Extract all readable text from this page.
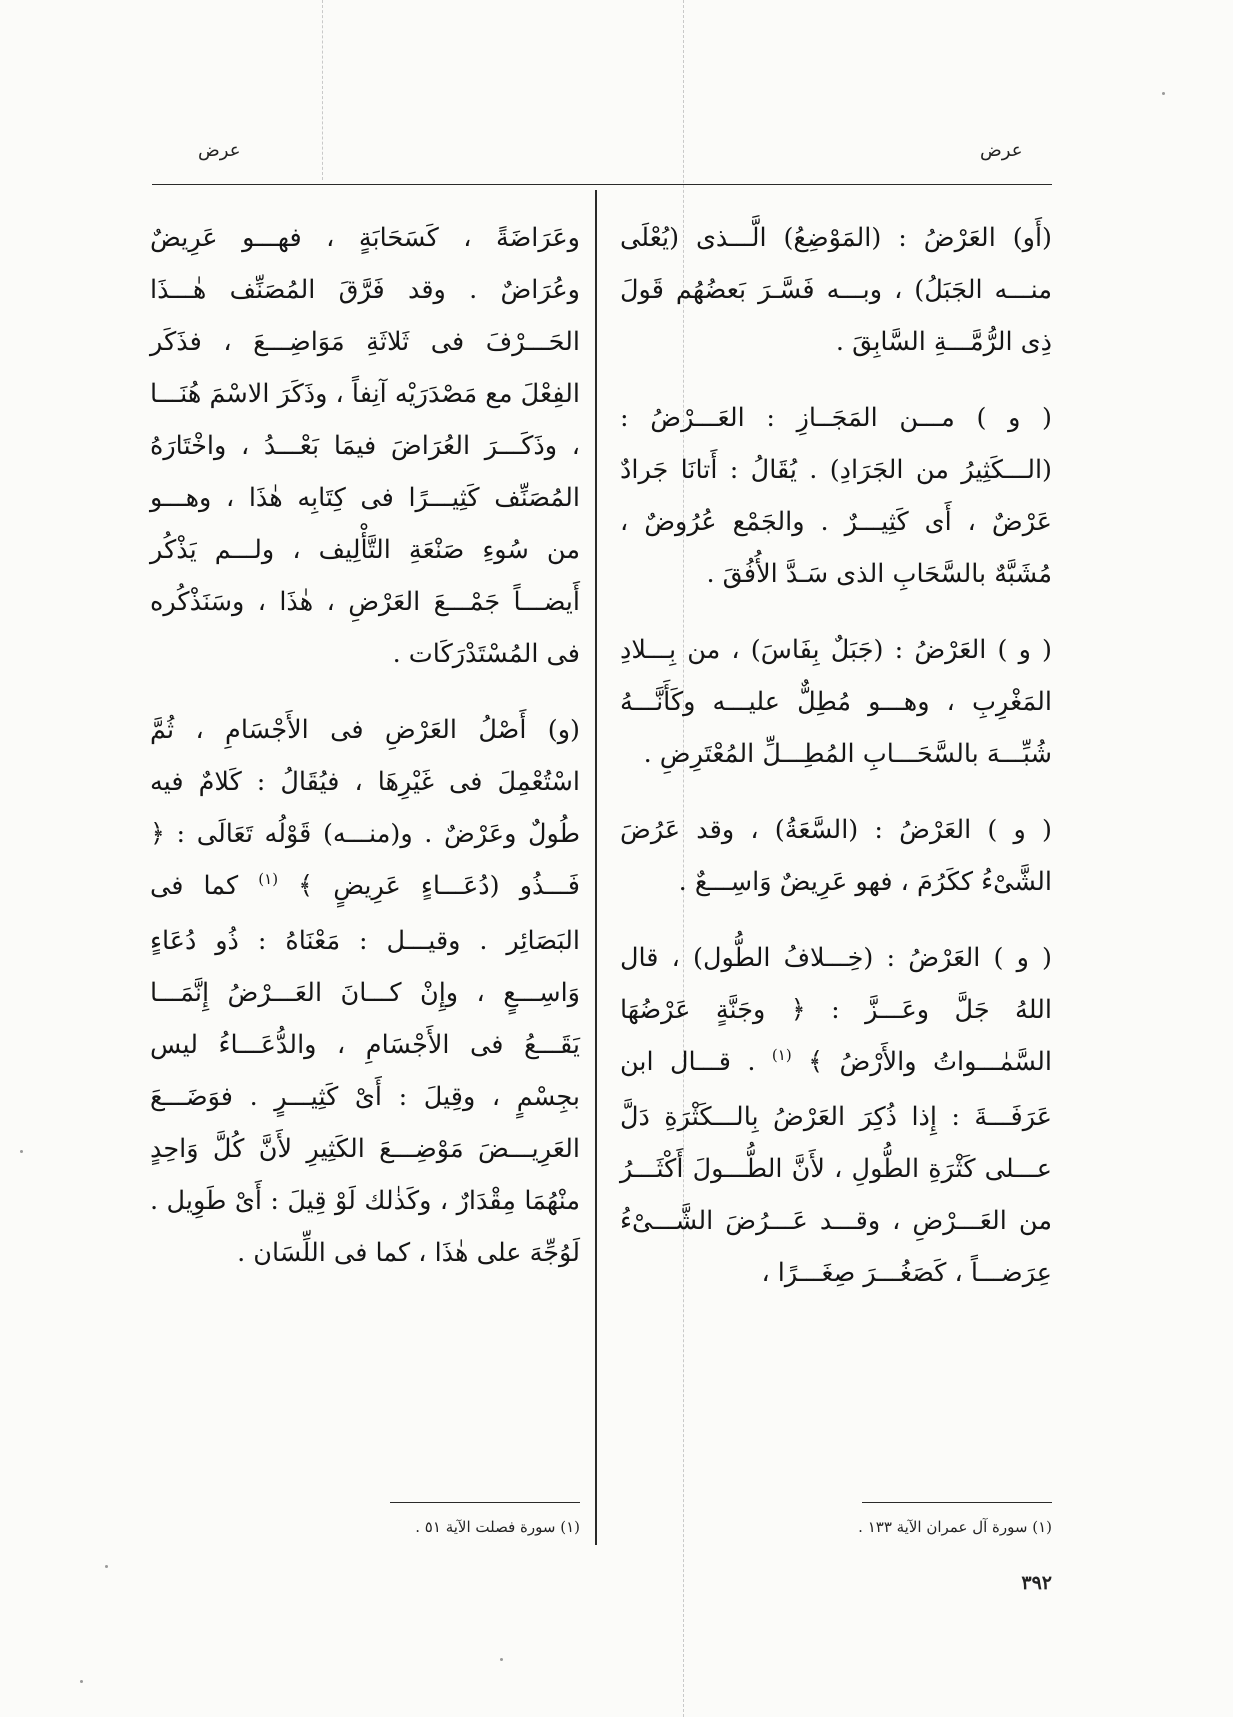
عرض
عرض

(أَو) العَرْضُ : (المَوْضِعُ) الَّـــذى (يُعْلَى منـــه الجَبَلُ) ، وبـــه فَسَّـرَ بَعضُهُم قَولَ ذِى الرُّمَّـــةِ السَّابِقَ .

( و ) مـــن المَجَــازِ : العَـــرْضُ : (الـــكَثِيرُ من الجَرَادِ) . يُقَالُ : أَتانَا جَرادٌ عَرْضٌ ، أَى كَثِيـــرٌ . والجَمْع عُرُوضٌ ، مُشَبَّهٌ بالسَّحَابِ الذى سَـدَّ الأُفُقَ .

( و ) العَرْضُ : (جَبَلٌ بِفَاسَ) ، من بِـــلادِ المَغْرِبِ ، وهـــو مُطِلٌّ عليـــه وكَأَنَّـــهُ شُبِّـــهَ بالسَّحَـــابِ المُطِـــلِّ المُعْتَرِضِ .

( و ) العَرْضُ : (السَّعَةُ) ، وقد عَرُضَ الشَّىْءُ ككَرُمَ ، فهو عَرِيضٌ وَاسِـــعٌ .

( و ) العَرْضُ : (خِـــلافُ الطُّول) ، قال اللهُ جَلَّ وعَـــزَّ : ﴿ وجَنَّةٍ عَرْضُهَا السَّمٰـــواتُ والأَرْضُ ﴾ $^{(١)}$ . قـــال ابن عَرَفَـــةَ : إِذا ذُكِرَ العَرْضُ بِالـــكَثْرَةِ دَلَّ عـــلى كَثْرَةِ الطُّولِ ، لأَنَّ الطُّـــولَ أَكْثَـــرُ من العَـــرْضِ ، وقـــد عَـــرُضَ الشَّـــىْءُ عِرَضـــاً ، كَصَغُـــرَ صِغَـــرًا ،

وعَرَاضَةً ، كَسَحَابَةٍ ، فهـــو عَرِيضٌ وعُرَاضٌ . وقد فَرَّقَ المُصَنِّف هٰـــذَا الحَـــرْفَ فى ثَلاثَةِ مَوَاضِـــعَ ، فذَكَر الفِعْلَ مع مَصْدَرَيْه آنِفاً ، وذَكَرَ الاسْمَ هُنَـــا ، وذَكَـــرَ العُرَاضَ فيمَا بَعْـــدُ ، واخْتَارَهُ المُصَنِّف كَثِيـــرًا فى كِتَابِه هٰذَا ، وهـــو من سُوءِ صَنْعَةِ التَّأْلِيف ، ولـــم يَذْكُر أَيضـــاً جَمْـــعَ العَرْضِ ، هٰذَا ، وسَنَذْكُره فى المُسْتَدْرَكَات .

(و) أَصْلُ العَرْضِ فى الأَجْسَامِ ، ثُمَّ اسْتُعْمِلَ فى غَيْرِهَا ، فيُقَالُ : كَلامٌ فيه طُولٌ وعَرْضٌ . و(منـــه) قَوْلُه تَعَالَى : ﴿ فَـــذُو (دُعَـــاءٍ عَرِيضٍ ﴾ $^{(١)}$ كما فى البَصَائِر . وقيـــل : مَعْنَاهُ : ذُو دُعَاءٍ وَاسِـــعٍ ، وإِنْ كـــانَ العَـــرْضُ إِنَّمَـــا يَقَـــعُ فى الأَجْسَامِ ، والدُّعَـــاءُ ليس بجِسْمٍ ، وقِيلَ : أَىْ كَثِيـــرٍ . فوَضَـــعَ العَرِيـــضَ مَوْضِـــعَ الكَثِيرِ لأَنَّ كُلَّ وَاحِدٍ منْهُمَا مِقْدَارٌ ، وكَذٰلك لَوْ قِيلَ : أَىْ طَوِيل . لَوُجِّهَ على هٰذَا ، كما فى اللِّسَان .

(١) سورة آل عمران الآية ١٣٣ .
(١) سورة فصلت الآية ٥١ .
٣٩٢
